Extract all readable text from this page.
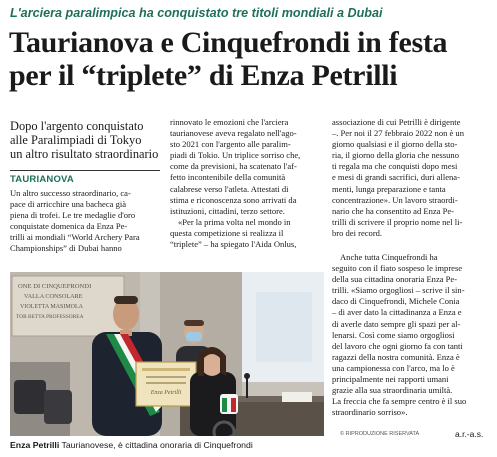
L'arciera paralimpica ha conquistato tre titoli mondiali a Dubai
Taurianova e Cinquefrondi in festa
per il “triplete” di Enza Petrilli
Dopo l'argento conquistato
alle Paralimpiadi di Tokyo
un altro risultato straordinario
TAURIANOVA
Un altro successo straordinario, ca-
pace di arricchire una bacheca già
piena di trofei. Le tre medaglie d'oro
conquistate domenica da Enza Pe-
trilli ai mondiali “World Archery Para
Championships” di Dubai hanno
rinnovato le emozioni che l'arciera
taurianovese aveva regalato nell'ago-
sto 2021 con l'argento alle paralim-
piadi di Tokio. Un triplice sorriso che,
come da previsioni, ha scatenato l'af-
fetto incontenibile della comunità
calabrese verso l'atleta. Attestati di
stima e riconoscenza sono arrivati da
istituzioni, cittadini, terzo settore.
«Per la prima volta nel mondo in
questa competizione si realizza il
“triplete” – ha spiegato l'Aida Onlus,
associazione di cui Petrilli è dirigente
–. Per noi il 27 febbraio 2022 non è un
giorno qualsiasi e il giorno della sto-
ria, il giorno della gloria che nessuno
ti regala ma che conquisti dopo mesi
e mesi di grandi sacrifici, duri allena-
menti, lunga preparazione e tanta
concentrazione». Un lavoro straordi-
nario che ha consentito ad Enza Pe-
trilli di scrivere il proprio nome nel li-
bro dei record.
Anche tutta Cinquefrondi ha
seguito con il fiato sospeso le imprese
della sua cittadina onoraria Enza Pe-
trilli. «Siamo orgogliosi – scrive il sin-
daco di Cinquefrondi, Michele Conia
– di aver dato la cittadinanza a Enza e
di averle dato sempre gli spazi per al-
lenarsi. Così come siamo orgogliosi
del lavoro che ogni giorno fa con tanti
ragazzi della nostra comunità. Enza è
una campionessa con l'arco, ma lo è
principalmente nei rapporti umani
grazie alla sua straordinaria umiltà.
La freccia che fa sempre centro è il suo
straordinario sorriso».
ONE DI CINQUEFRONDI
VALLA CONSOLARE
VIOLETTA MASIMOLA
TOR BETTA PROFESSOREA
Enza Petrilli
Enza Petrilli Taurianovese, è cittadina onoraria di Cinquefrondi
© RIPRODUZIONE RISERVATA	a.r.-a.s.
